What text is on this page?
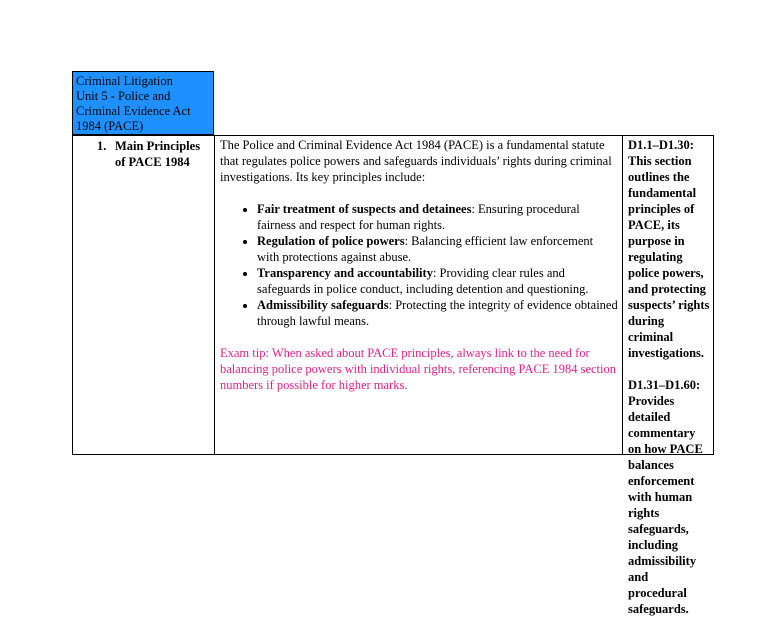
Criminal Litigation
Unit 5 - Police and
Criminal Evidence Act
1984 (PACE)
1. Main Principles of PACE 1984

The Police and Criminal Evidence Act 1984 (PACE) is a fundamental statute that regulates police powers and safeguards individuals’ rights during criminal investigations. Its key principles include:

• Fair treatment of suspects and detainees: Ensuring procedural fairness and respect for human rights.
• Regulation of police powers: Balancing efficient law enforcement with protections against abuse.
• Transparency and accountability: Providing clear rules and safeguards in police conduct, including detention and questioning.
• Admissibility safeguards: Protecting the integrity of evidence obtained through lawful means.

Exam tip: When asked about PACE principles, always link to the need for balancing police powers with individual rights, referencing PACE 1984 section numbers if possible for higher marks.

D1.1–D1.30: This section outlines the fundamental principles of PACE, its purpose in regulating police powers, and protecting suspects’ rights during criminal investigations.

D1.31–D1.60: Provides detailed commentary on how PACE balances enforcement with human rights safeguards, including admissibility and procedural safeguards.
